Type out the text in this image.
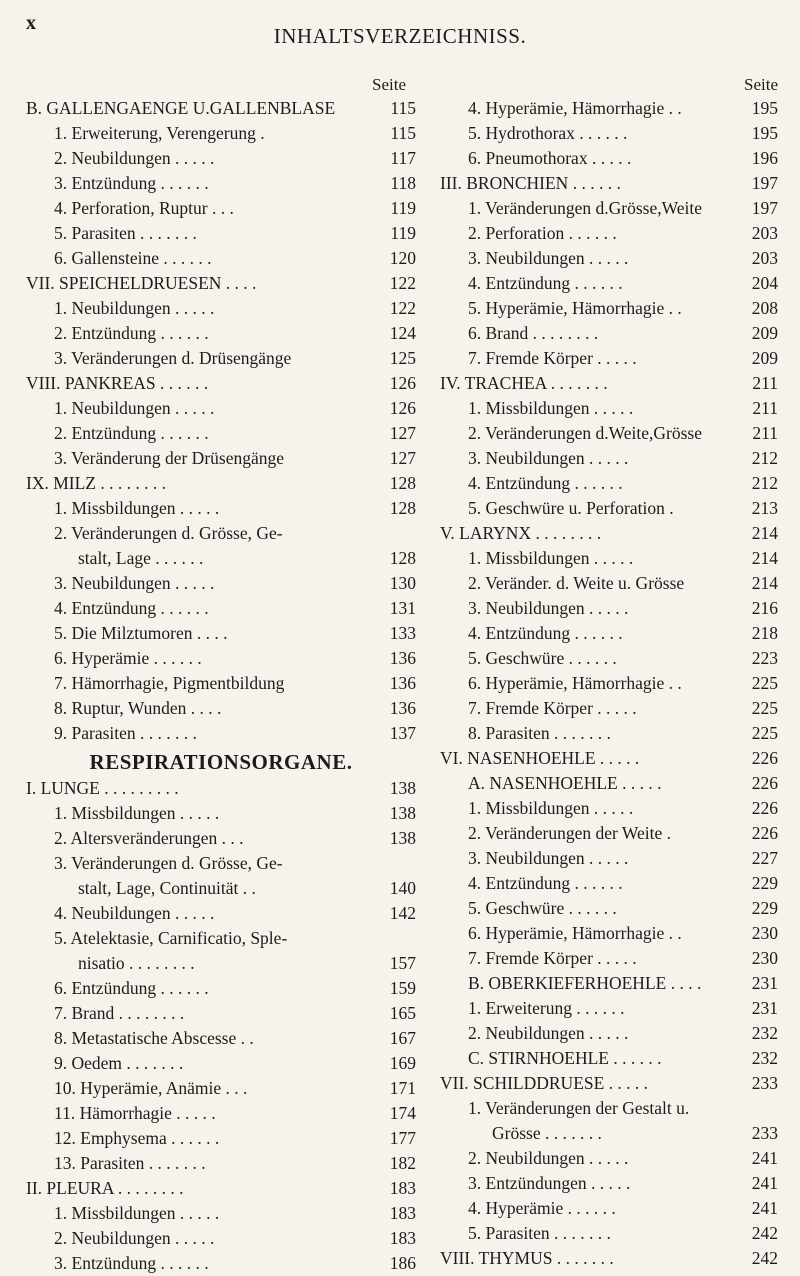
x
INHALTSVERZEICHNISS.
Seite
B. GALLENGAENGE U.GALLENBLASE	115
1. Erweiterung, Verengerung .	115
2. Neubildungen . . . . .	117
3. Entzündung . . . . . .	118
4. Perforation, Ruptur . . .	119
5. Parasiten . . . . . . .	119
6. Gallensteine . . . . . .	120
VII. SPEICHELDRUESEN . . . .	122
1. Neubildungen . . . . .	122
2. Entzündung . . . . . .	124
3. Veränderungen d. Drüsengänge	125
VIII. PANKREAS . . . . . .	126
1. Neubildungen . . . . .	126
2. Entzündung . . . . . .	127
3. Veränderung der Drüsengänge	127
IX. MILZ . . . . . . . .	128
1. Missbildungen . . . . .	128
2. Veränderungen d. Grösse, Ge-
stalt, Lage . . . . . .	128
3. Neubildungen . . . . .	130
4. Entzündung . . . . . .	131
5. Die Milztumoren . . . .	133
6. Hyperämie . . . . . .	136
7. Hämorrhagie, Pigmentbildung	136
8. Ruptur, Wunden . . . .	136
9. Parasiten . . . . . . .	137
RESPIRATIONSORGANE.
I. LUNGE . . . . . . . . .	138
1. Missbildungen . . . . .	138
2. Altersveränderungen . . .	138
3. Veränderungen d. Grösse, Ge-
stalt, Lage, Continuität . .	140
4. Neubildungen . . . . .	142
5. Atelektasie, Carnificatio, Sple-
nisatio . . . . . . . .	157
6. Entzündung . . . . . .	159
7. Brand . . . . . . . .	165
8. Metastatische Abscesse . .	167
9. Oedem . . . . . . .	169
10. Hyperämie, Anämie . . .	171
11. Hämorrhagie . . . . .	174
12. Emphysema . . . . . .	177
13. Parasiten . . . . . . .	182
II. PLEURA . . . . . . . .	183
1. Missbildungen . . . . .	183
2. Neubildungen . . . . .	183
3. Entzündung . . . . . .	186
Seite
4. Hyperämie, Hämorrhagie . .	195
5. Hydrothorax . . . . . .	195
6. Pneumothorax . . . . .	196
III. BRONCHIEN . . . . . .	197
1. Veränderungen d.Grösse,Weite	197
2. Perforation . . . . . .	203
3. Neubildungen . . . . .	203
4. Entzündung . . . . . .	204
5. Hyperämie, Hämorrhagie . .	208
6. Brand . . . . . . . .	209
7. Fremde Körper . . . . .	209
IV. TRACHEA . . . . . . .	211
1. Missbildungen . . . . .	211
2. Veränderungen d.Weite,Grösse	211
3. Neubildungen . . . . .	212
4. Entzündung . . . . . .	212
5. Geschwüre u. Perforation .	213
V. LARYNX . . . . . . . .	214
1. Missbildungen . . . . .	214
2. Veränder. d. Weite u. Grösse	214
3. Neubildungen . . . . .	216
4. Entzündung . . . . . .	218
5. Geschwüre . . . . . .	223
6. Hyperämie, Hämorrhagie . .	225
7. Fremde Körper . . . . .	225
8. Parasiten . . . . . . .	225
VI. NASENHOEHLE . . . . .	226
A. NASENHOEHLE . . . . .	226
1. Missbildungen . . . . .	226
2. Veränderungen der Weite .	226
3. Neubildungen . . . . .	227
4. Entzündung . . . . . .	229
5. Geschwüre . . . . . .	229
6. Hyperämie, Hämorrhagie . .	230
7. Fremde Körper . . . . .	230
B. OBERKIEFERHOEHLE . . . .	231
1. Erweiterung . . . . . .	231
2. Neubildungen . . . . .	232
C. STIRNHOEHLE . . . . . .	232
VII. SCHILDDRUESE . . . . .	233
1. Veränderungen der Gestalt u.
Grösse . . . . . . .	233
2. Neubildungen . . . . .	241
3. Entzündungen . . . . .	241
4. Hyperämie . . . . . .	241
5. Parasiten . . . . . . .	242
VIII. THYMUS . . . . . . .	242
